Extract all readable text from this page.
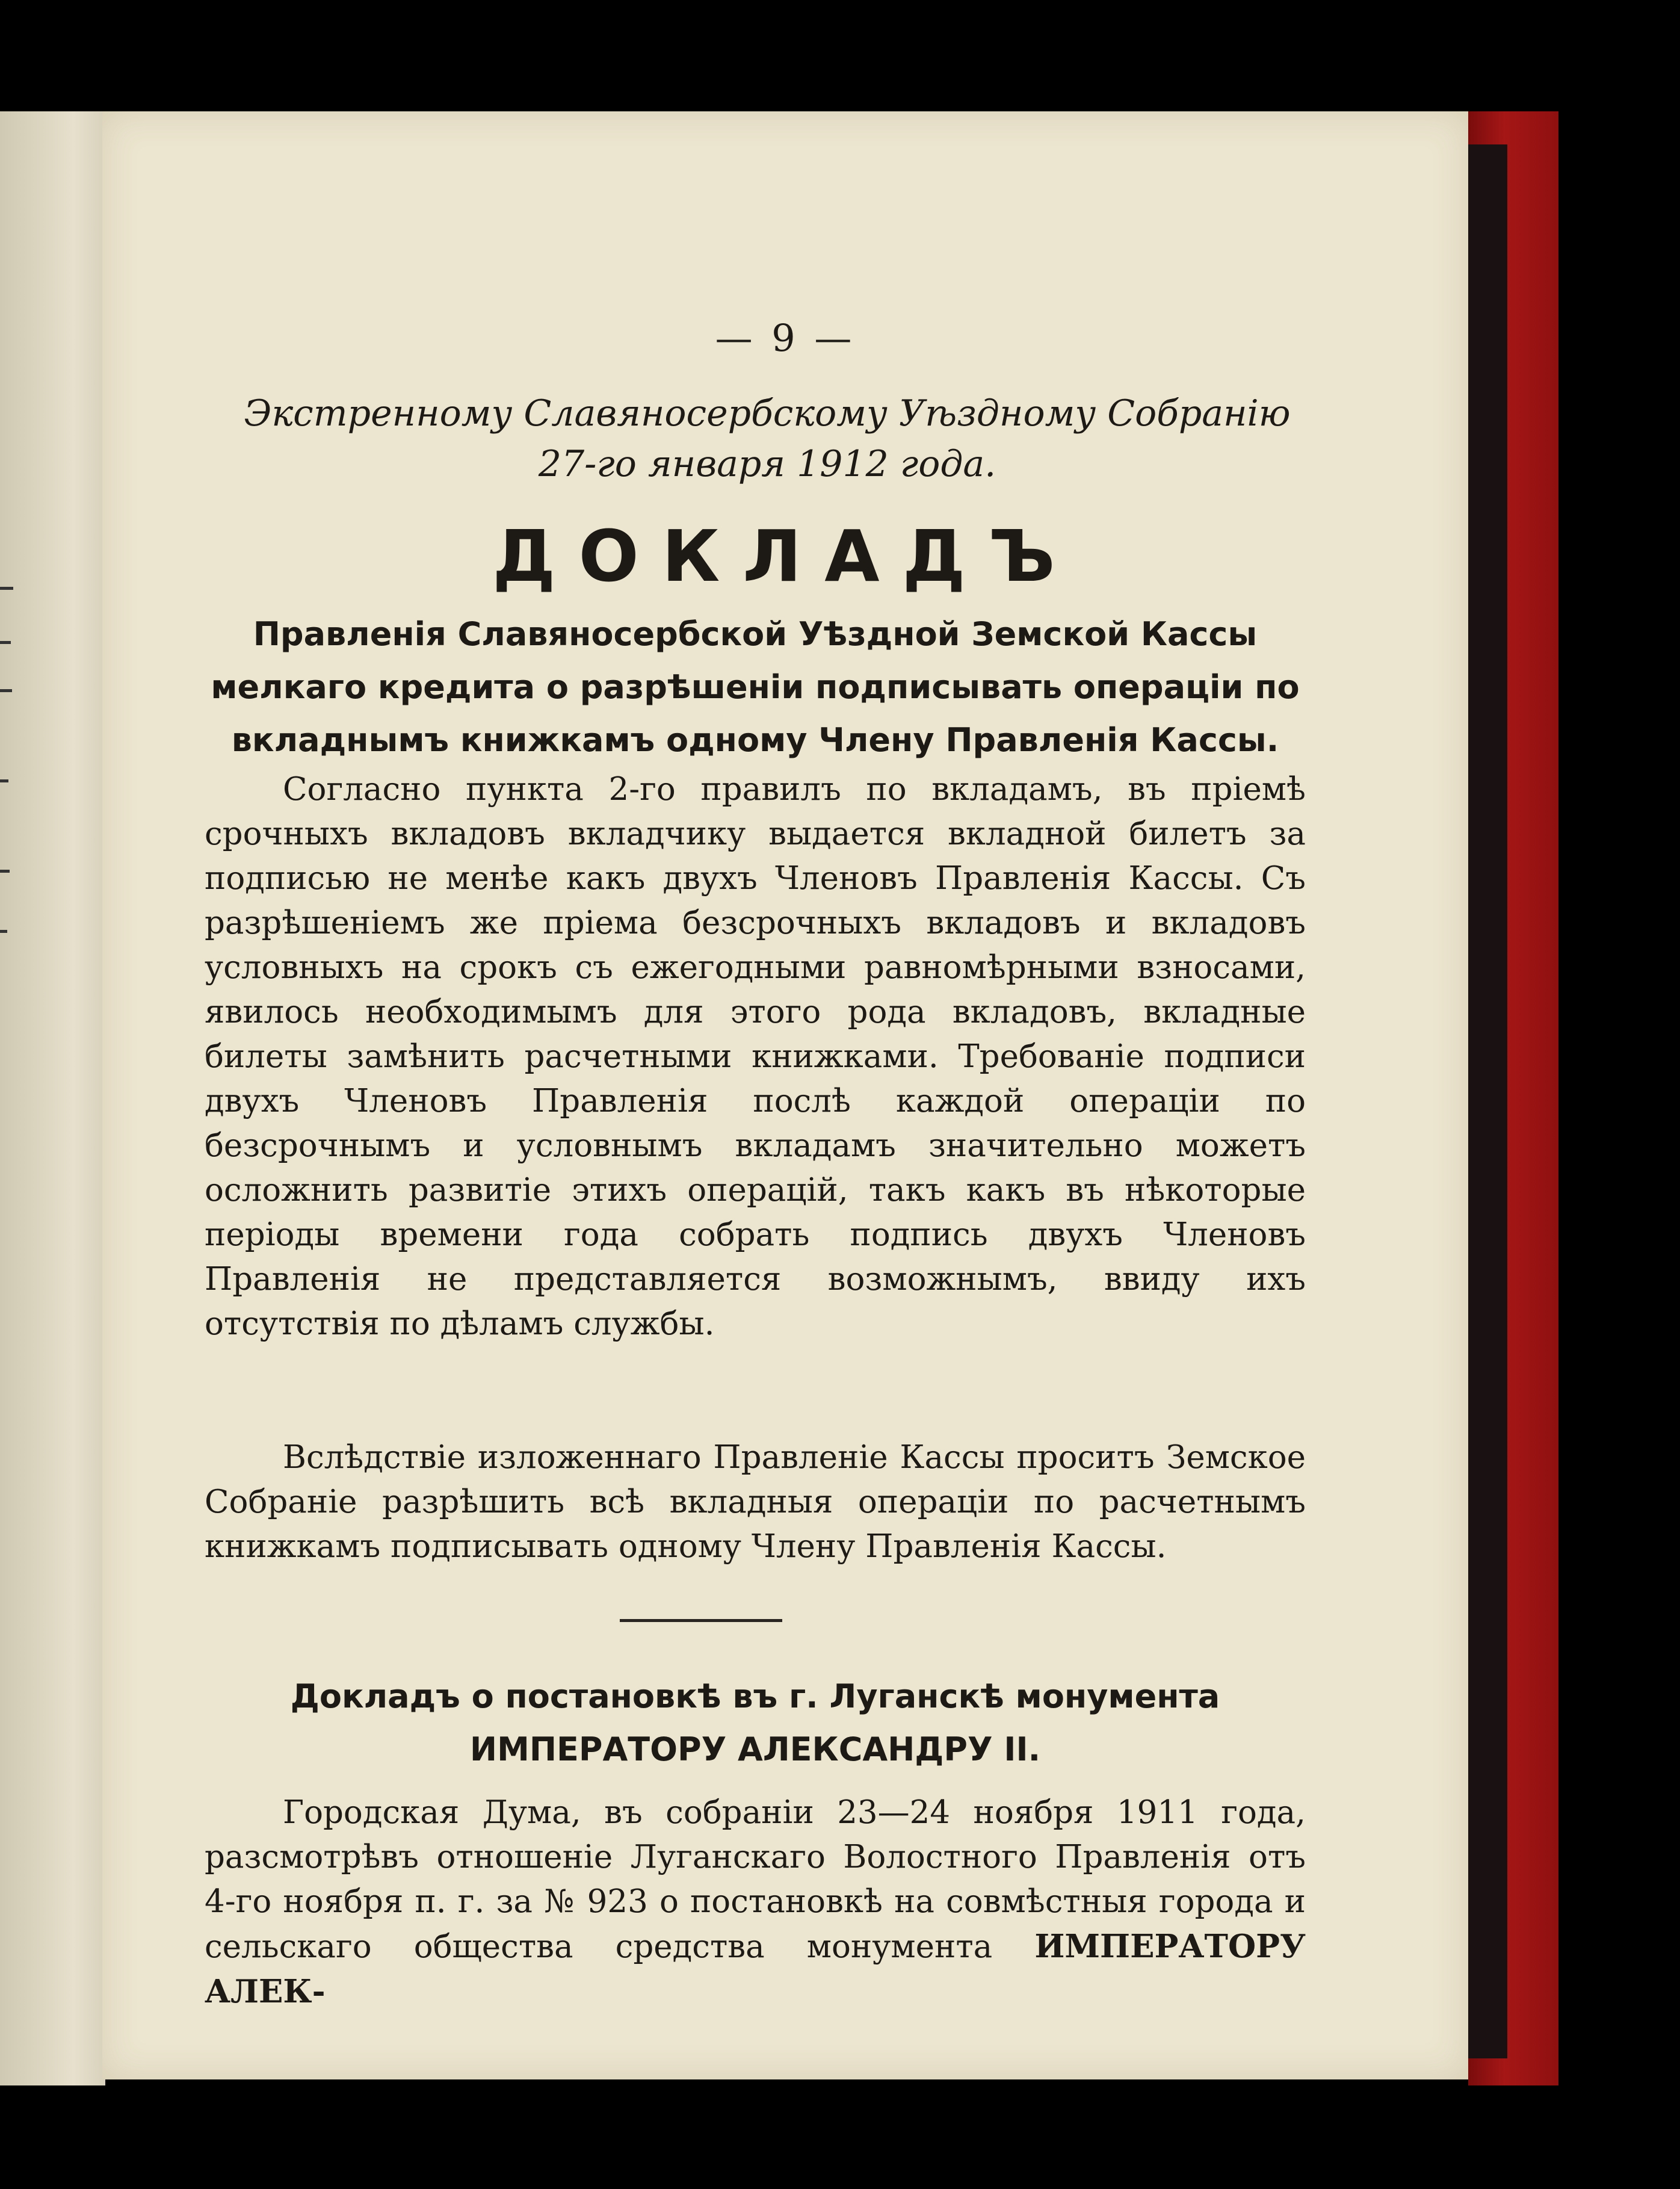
— 9 —

Экстренному Славяносербскому Уѣздному Собранію 27-го января 1912 года.

ДОКЛАДЪ

Правленія Славяносербской Уѣздной Земской Кассы мелкаго кредита о разрѣшеніи подписывать операціи по вкладнымъ книжкамъ одному Члену Правленія Кассы.

Согласно пункта 2-го правилъ по вкладамъ, въ пріемѣ срочныхъ вкладовъ вкладчику выдается вкладной билетъ за подписью не менѣе какъ двухъ Членовъ Правленія Кассы. Съ разрѣшеніемъ же пріема безсрочныхъ вкладовъ и вкладовъ условныхъ на срокъ съ ежегодными равномѣрными взносами, явилось необходимымъ для этого рода вкладовъ, вкладные билеты замѣнить расчетными книжками. Требованіе подписи двухъ Членовъ Правленія послѣ каждой операціи по безсрочнымъ и условнымъ вкладамъ значительно можетъ осложнить развитіе этихъ операцій, такъ какъ въ нѣкоторые періоды времени года собрать подпись двухъ Членовъ Правленія не представляется возможнымъ, ввиду ихъ отсутствія по дѣламъ службы.

Вслѣдствіе изложеннаго Правленіе Кассы проситъ Земское Собраніе разрѣшить всѣ вкладныя операціи по расчетнымъ книжкамъ подписывать одному Члену Правленія Кассы.

Докладъ о постановкѣ въ г. Луганскѣ монумента ИМПЕРАТОРУ АЛЕКСАНДРУ II.

Городская Дума, въ собраніи 23—24 ноября 1911 года, разсмотрѣвъ отношеніе Луганскаго Волостного Правленія отъ 4-го ноября п. г. за № 923 о постановкѣ на совмѣстныя города и сельскаго общества средства монумента ИМПЕРАТОРУ АЛЕК-
